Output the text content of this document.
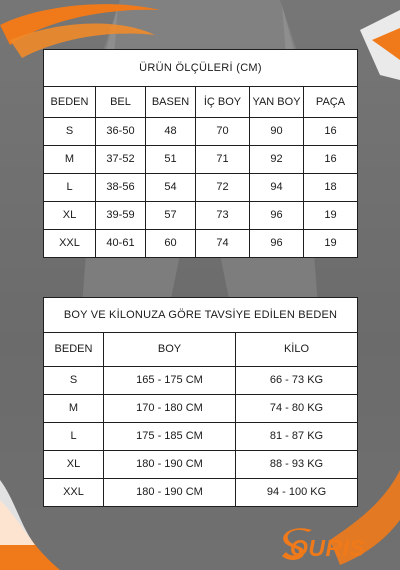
ÜRÜN ÖLÇÜLERİ (CM)					
BEDEN	BEL	BASEN	İÇ BOY	YAN BOY	PAÇA
S	36-50	48	70	90	16
M	37-52	51	71	92	16
L	38-56	54	72	94	18
XL	39-59	57	73	96	19
XXL	40-61	60	74	96	19
BOY VE KİLONUZA GÖRE TAVSİYE EDİLEN BEDEN		
BEDEN	BOY	KİLO
S	165 - 175 CM	66 - 73 KG
M	170 - 180 CM	74 - 80 KG
L	175 - 185 CM	81 - 87 KG
XL	180 - 190 CM	88 - 93 KG
XXL	180 - 190 CM	94 - 100 KG
OURIS
